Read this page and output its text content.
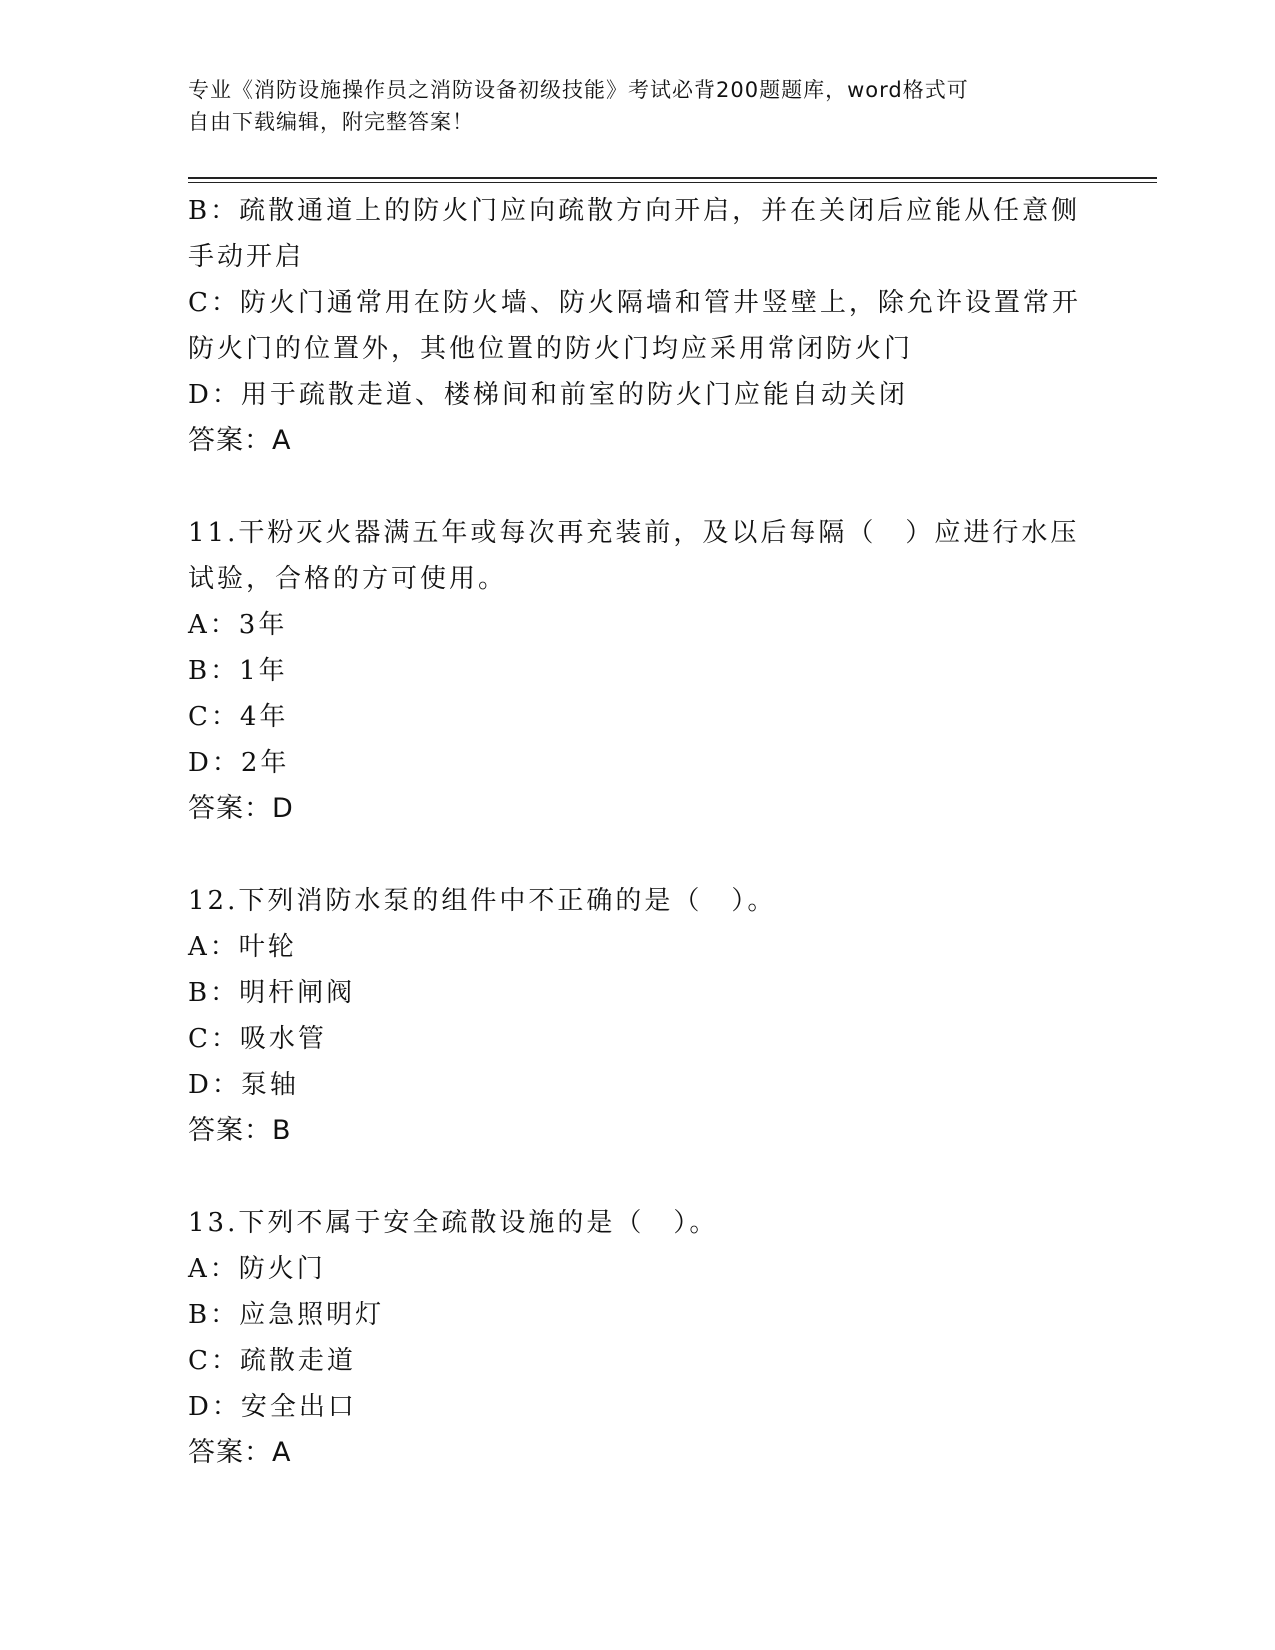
专业《消防设施操作员之消防设备初级技能》考试必背200题题库，word格式可
自由下载编辑，附完整答案！
B：疏散通道上的防火门应向疏散方向开启，并在关闭后应能从任意侧
手动开启
C：防火门通常用在防火墙、防火隔墙和管井竖壁上，除允许设置常开
防火门的位置外，其他位置的防火门均应采用常闭防火门
D：用于疏散走道、楼梯间和前室的防火门应能自动关闭
答案：A
11.干粉灭火器满五年或每次再充装前，及以后每隔（　）应进行水压
试验，合格的方可使用。
A：3年
B：1年
C：4年
D：2年
答案：D
12.下列消防水泵的组件中不正确的是（　）。
A：叶轮
B：明杆闸阀
C：吸水管
D：泵轴
答案：B
13.下列不属于安全疏散设施的是（　）。
A：防火门
B：应急照明灯
C：疏散走道
D：安全出口
答案：A
